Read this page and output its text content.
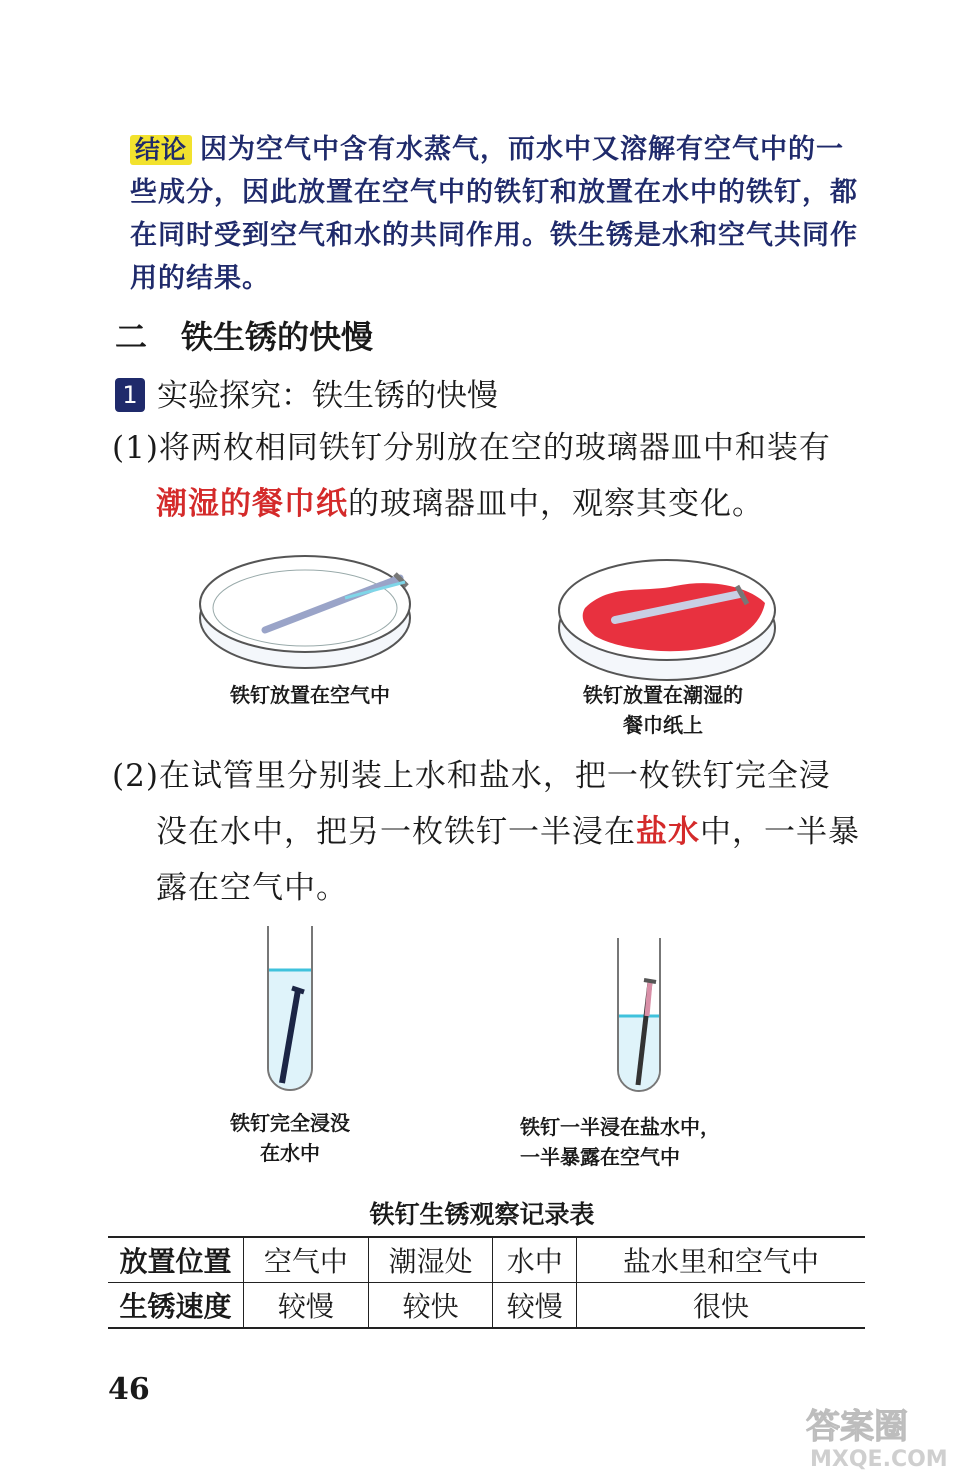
结论 因为空气中含有水蒸气，而水中又溶解有空气中的一些成分，因此放置在空气中的铁钉和放置在水中的铁钉，都在同时受到空气和水的共同作用。铁生锈是水和空气共同作用的结果。
二 铁生锈的快慢
1 实验探究：铁生锈的快慢
(1)将两枚相同铁钉分别放在空的玻璃器皿中和装有
潮湿的餐巾纸的玻璃器皿中，观察其变化。
铁钉放置在空气中	铁钉放置在潮湿的
餐巾纸上
(2)在试管里分别装上水和盐水，把一枚铁钉完全浸
没在水中，把另一枚铁钉一半浸在盐水中，一半暴
露在空气中。
铁钉完全浸没
在水中
铁钉一半浸在盐水中，
一半暴露在空气中
铁钉生锈观察记录表
放置位置	空气中	潮湿处	水中	盐水里和空气中
生锈速度	较慢	较快	较慢	很快
46
答案圈
MXQE.COM
